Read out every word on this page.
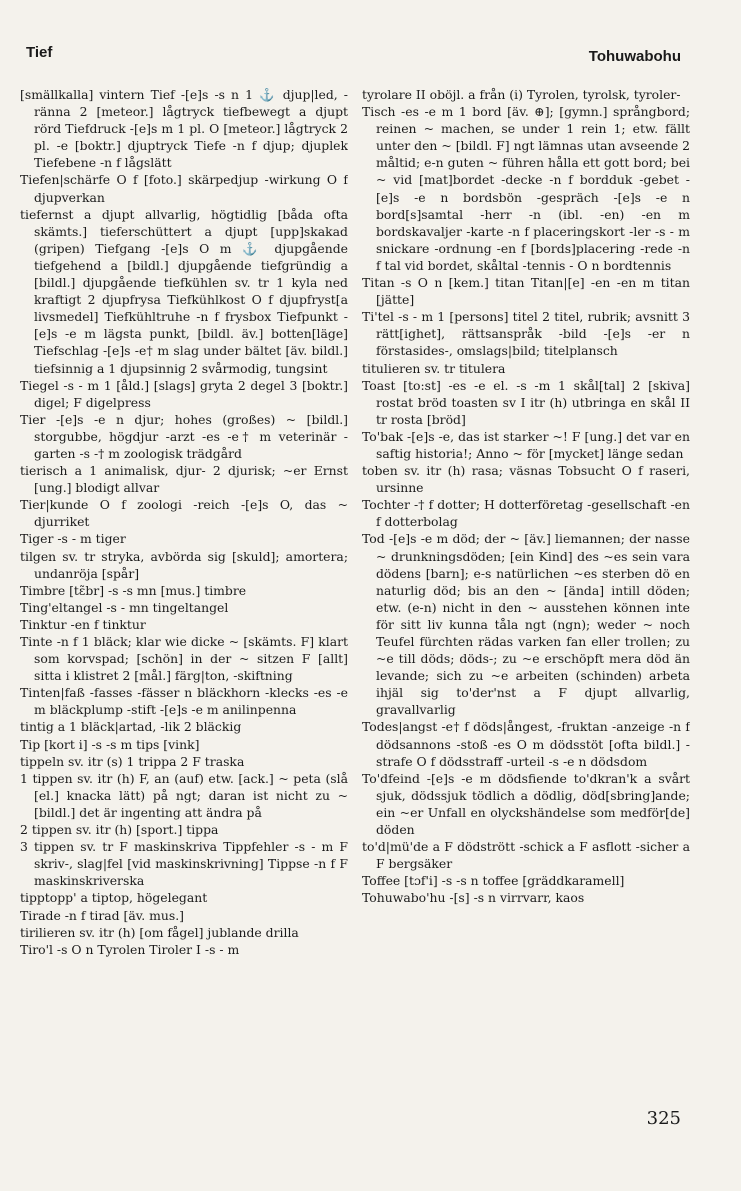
Tief	Tohuwabohu

[smällkalla] vintern Tief -[e]s -s n 1 ⚓ djup|led, -ränna 2 [meteor.] lågtryck tiefbewegt a djupt rörd Tiefdruck -[e]s m 1 pl. O [meteor.] lågtryck 2 pl. -e [boktr.] djuptryck Tiefe -n f djup; djuplek Tiefebene -n f lågslätt

Tiefen|schärfe O f [foto.] skärpedjup -wirkung O f djupverkan

tiefernst a djupt allvarlig, högtidlig [båda ofta skämts.] tieferschüttert a djupt [upp]skakad (gripen) Tiefgang -[e]s O m ⚓ djupgående tiefgehend a [bildl.] djupgående tiefgründig a [bildl.] djupgående tiefkühlen sv. tr 1 kyla ned kraftigt 2 djupfrysa Tiefkühlkost O f djupfryst[a livsmedel] Tiefkühltruhe -n f frysbox Tiefpunkt -[e]s -e m lägsta punkt, [bildl. äv.] botten[läge] Tiefschlag -[e]s -e† m slag under bältet [äv. bildl.] tiefsinnig a 1 djupsinnig 2 svårmodig, tungsint

Tiegel -s - m 1 [åld.] [slags] gryta 2 degel 3 [boktr.] digel; F digelpress

Tier -[e]s -e n djur; hohes (großes) ~ [bildl.] storgubbe, högdjur -arzt -es -e† m veterinär -garten -s -† m zoologisk trädgård

tierisch a 1 animalisk, djur- 2 djurisk; ~er Ernst [ung.] blodigt allvar

Tier|kunde O f zoologi -reich -[e]s O, das ~ djurriket

Tiger -s - m tiger

tilgen sv. tr stryka, avbörda sig [skuld]; amortera; undanröja [spår]

Timbre [tɛ̃br] -s -s mn [mus.] timbre

Ting'eltangel -s - mn tingeltangel

Tinktur -en f tinktur

Tinte -n f 1 bläck; klar wie dicke ~ [skämts. F] klart som korvspad; [schön] in der ~ sitzen F [allt] sitta i klistret 2 [mål.] färg|ton, -skiftning

Tinten|faß -fasses -fässer n bläckhorn -klecks -es -e m bläckplump -stift -[e]s -e m anilinpenna

tintig a 1 bläck|artad, -lik 2 bläckig

Tip [kort i] -s -s m tips [vink]

tippeln sv. itr (s) 1 trippa 2 F traska

1 tippen sv. itr (h) F, an (auf) etw. [ack.] ~ peta (slå [el.] knacka lätt) på ngt; daran ist nicht zu ~ [bildl.] det är ingenting att ändra på

2 tippen sv. itr (h) [sport.] tippa

3 tippen sv. tr F maskinskriva Tippfehler -s - m F skriv-, slag|fel [vid maskinskrivning] Tippse -n f F maskinskriverska

tipptopp' a tiptop, högelegant

Tirade -n f tirad [äv. mus.]

tirilieren sv. itr (h) [om fågel] jublande drilla

Tiro'l -s O n Tyrolen Tiroler I -s - m

tyrolare II oböjl. a från (i) Tyrolen, tyrolsk, tyroler-

Tisch -es -e m 1 bord [äv. ⊕]; [gymn.] språngbord; reinen ~ machen, se under 1 rein 1; etw. fällt unter den ~ [bildl. F] ngt lämnas utan avseende 2 måltid; e-n guten ~ führen hålla ett gott bord; bei ~ vid [mat]bordet -decke -n f bordduk -gebet -[e]s -e n bordsbön -gespräch -[e]s -e n bord[s]samtal -herr -n (ibl. -en) -en m bordskavaljer -karte -n f placeringskort -ler -s - m snickare -ordnung -en f [bords]placering -rede -n f tal vid bordet, skåltal -tennis - O n bordtennis

Titan -s O n [kem.] titan Titan|[e] -en -en m titan [jätte]

Ti'tel -s - m 1 [persons] titel 2 titel, rubrik; avsnitt 3 rätt[ighet], rättsanspråk -bild -[e]s -er n förstasides-, omslags|bild; titelplansch

titulieren sv. tr titulera

Toast [to:st] -es -e el. -s -m 1 skål[tal] 2 [skiva] rostat bröd toasten sv I itr (h) utbringa en skål II tr rosta [bröd]

To'bak -[e]s -e, das ist starker ~! F [ung.] det var en saftig historia!; Anno ~ för [mycket] länge sedan

toben sv. itr (h) rasa; väsnas Tobsucht O f raseri, ursinne

Tochter -† f dotter; H dotterföretag -gesellschaft -en f dotterbolag

Tod -[e]s -e m död; der ~ [äv.] liemannen; der nasse ~ drunkningsdöden; [ein Kind] des ~es sein vara dödens [barn]; e-s natürlichen ~es sterben dö en naturlig död; bis an den ~ [ända] intill döden; etw. (e-n) nicht in den ~ ausstehen können inte för sitt liv kunna tåla ngt (ngn); weder ~ noch Teufel fürchten rädas varken fan eller trollen; zu ~e till döds; döds-; zu ~e erschöpft mera död än levande; sich zu ~e arbeiten (schinden) arbeta ihjäl sig to'der'nst a F djupt allvarlig, gravallvarlig

Todes|angst -e† f döds|ångest, -fruktan -anzeige -n f dödsannons -stoß -es O m dödsstöt [ofta bildl.] -strafe O f dödsstraff -urteil -s -e n dödsdom

To'dfeind -[e]s -e m dödsfiende to'dkran'k a svårt sjuk, dödssjuk tödlich a dödlig, död[sbring]ande; ein ~er Unfall en olyckshändelse som medför[de] döden

to'd|mü'de a F dödstrött -schick a F asflott -sicher a F bergsäker

Toffee [tɔf'i] -s -s n toffee [gräddkaramell]

Tohuwabo'hu -[s] -s n virrvarr, kaos

325
